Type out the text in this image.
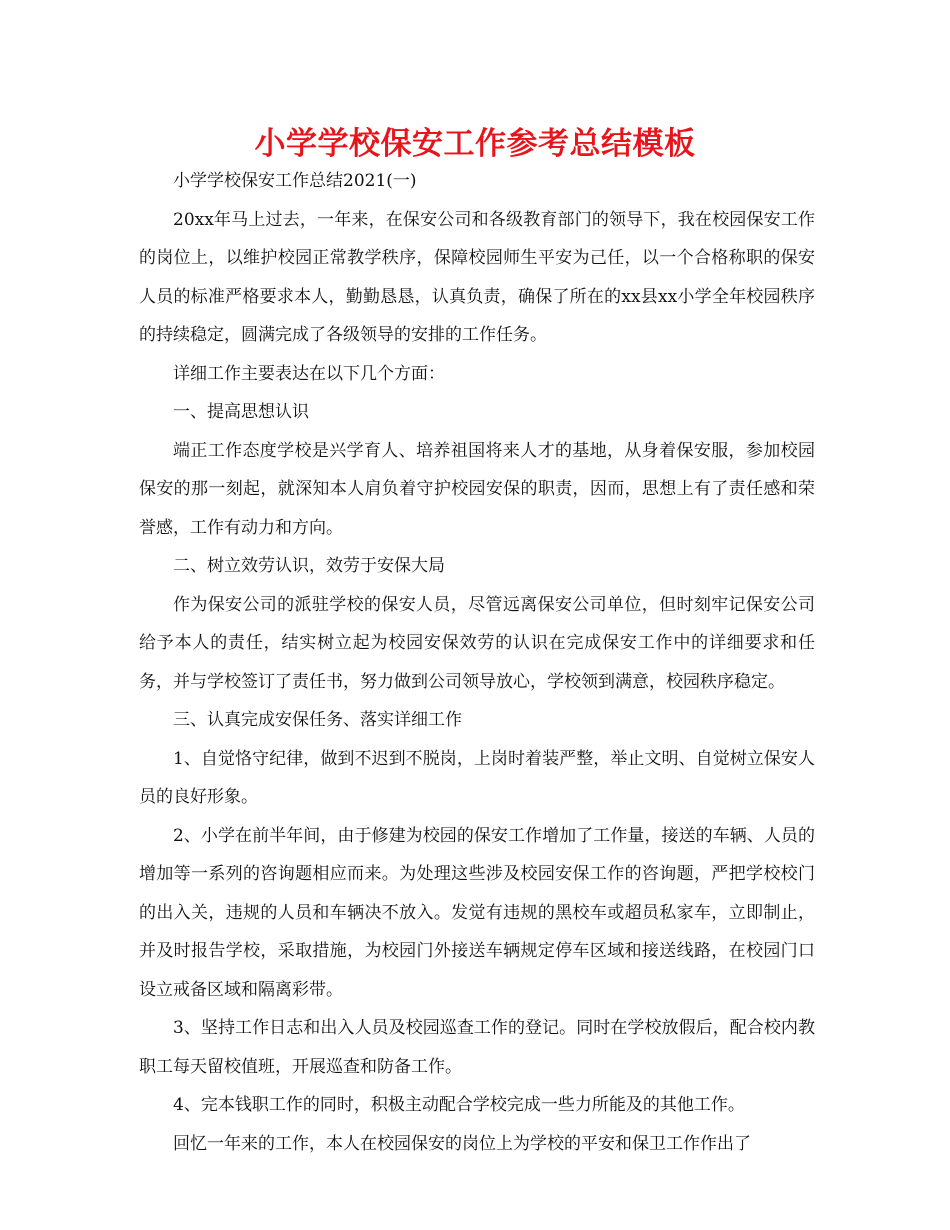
小学学校保安工作参考总结模板

小学学校保安工作总结2021(一)

20xx年马上过去，一年来，在保安公司和各级教育部门的领导下，我在校园保安工作的岗位上，以维护校园正常教学秩序，保障校园师生平安为己任，以一个合格称职的保安人员的标准严格要求本人，勤勤恳恳，认真负责，确保了所在的xx县xx小学全年校园秩序的持续稳定，圆满完成了各级领导的安排的工作任务。

详细工作主要表达在以下几个方面：

一、提高思想认识

端正工作态度学校是兴学育人、培养祖国将来人才的基地，从身着保安服，参加校园保安的那一刻起，就深知本人肩负着守护校园安保的职责，因而，思想上有了责任感和荣誉感，工作有动力和方向。

二、树立效劳认识，效劳于安保大局

作为保安公司的派驻学校的保安人员，尽管远离保安公司单位，但时刻牢记保安公司给予本人的责任，结实树立起为校园安保效劳的认识在完成保安工作中的详细要求和任务，并与学校签订了责任书，努力做到公司领导放心，学校领到满意，校园秩序稳定。

三、认真完成安保任务、落实详细工作

1、自觉恪守纪律，做到不迟到不脱岗，上岗时着装严整，举止文明、自觉树立保安人员的良好形象。

2、小学在前半年间，由于修建为校园的保安工作增加了工作量，接送的车辆、人员的增加等一系列的咨询题相应而来。为处理这些涉及校园安保工作的咨询题，严把学校校门的出入关，违规的人员和车辆决不放入。发觉有违规的黑校车或超员私家车，立即制止，并及时报告学校，采取措施，为校园门外接送车辆规定停车区域和接送线路，在校园门口设立戒备区域和隔离彩带。

3、坚持工作日志和出入人员及校园巡查工作的登记。同时在学校放假后，配合校内教职工每天留校值班，开展巡查和防备工作。

4、完本钱职工作的同时，积极主动配合学校完成一些力所能及的其他工作。

回忆一年来的工作，本人在校园保安的岗位上为学校的平安和保卫工作作出了
